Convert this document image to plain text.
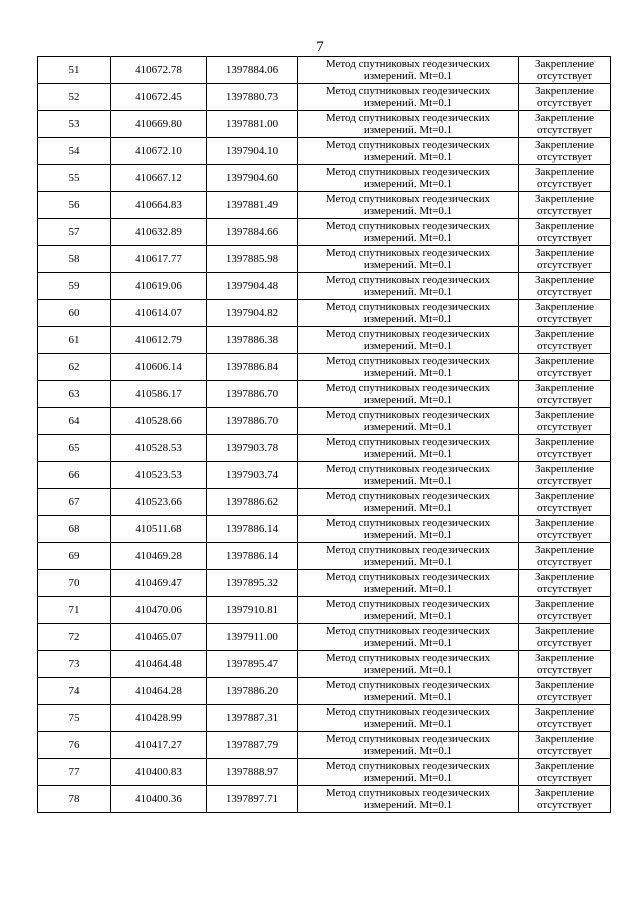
7
51	410672.78	1397884.06	Метод спутниковых геодезических
измерений. Mt=0.1	Закрепление
отсутствует

52	410672.45	1397880.73	Метод спутниковых геодезических
измерений. Mt=0.1	Закрепление
отсутствует

53	410669.80	1397881.00	Метод спутниковых геодезических
измерений. Mt=0.1	Закрепление
отсутствует

54	410672.10	1397904.10	Метод спутниковых геодезических
измерений. Mt=0.1	Закрепление
отсутствует

55	410667.12	1397904.60	Метод спутниковых геодезических
измерений. Mt=0.1	Закрепление
отсутствует

56	410664.83	1397881.49	Метод спутниковых геодезических
измерений. Mt=0.1	Закрепление
отсутствует

57	410632.89	1397884.66	Метод спутниковых геодезических
измерений. Mt=0.1	Закрепление
отсутствует

58	410617.77	1397885.98	Метод спутниковых геодезических
измерений. Mt=0.1	Закрепление
отсутствует

59	410619.06	1397904.48	Метод спутниковых геодезических
измерений. Mt=0.1	Закрепление
отсутствует

60	410614.07	1397904.82	Метод спутниковых геодезических
измерений. Mt=0.1	Закрепление
отсутствует

61	410612.79	1397886.38	Метод спутниковых геодезических
измерений. Mt=0.1	Закрепление
отсутствует

62	410606.14	1397886.84	Метод спутниковых геодезических
измерений. Mt=0.1	Закрепление
отсутствует

63	410586.17	1397886.70	Метод спутниковых геодезических
измерений. Mt=0.1	Закрепление
отсутствует

64	410528.66	1397886.70	Метод спутниковых геодезических
измерений. Mt=0.1	Закрепление
отсутствует

65	410528.53	1397903.78	Метод спутниковых геодезических
измерений. Mt=0.1	Закрепление
отсутствует

66	410523.53	1397903.74	Метод спутниковых геодезических
измерений. Mt=0.1	Закрепление
отсутствует

67	410523.66	1397886.62	Метод спутниковых геодезических
измерений. Mt=0.1	Закрепление
отсутствует

68	410511.68	1397886.14	Метод спутниковых геодезических
измерений. Mt=0.1	Закрепление
отсутствует

69	410469.28	1397886.14	Метод спутниковых геодезических
измерений. Mt=0.1	Закрепление
отсутствует

70	410469.47	1397895.32	Метод спутниковых геодезических
измерений. Mt=0.1	Закрепление
отсутствует

71	410470.06	1397910.81	Метод спутниковых геодезических
измерений. Mt=0.1	Закрепление
отсутствует

72	410465.07	1397911.00	Метод спутниковых геодезических
измерений. Mt=0.1	Закрепление
отсутствует

73	410464.48	1397895.47	Метод спутниковых геодезических
измерений. Mt=0.1	Закрепление
отсутствует

74	410464.28	1397886.20	Метод спутниковых геодезических
измерений. Mt=0.1	Закрепление
отсутствует

75	410428.99	1397887.31	Метод спутниковых геодезических
измерений. Mt=0.1	Закрепление
отсутствует

76	410417.27	1397887.79	Метод спутниковых геодезических
измерений. Mt=0.1	Закрепление
отсутствует

77	410400.83	1397888.97	Метод спутниковых геодезических
измерений. Mt=0.1	Закрепление
отсутствует

78	410400.36	1397897.71	Метод спутниковых геодезических
измерений. Mt=0.1	Закрепление
отсутствует
